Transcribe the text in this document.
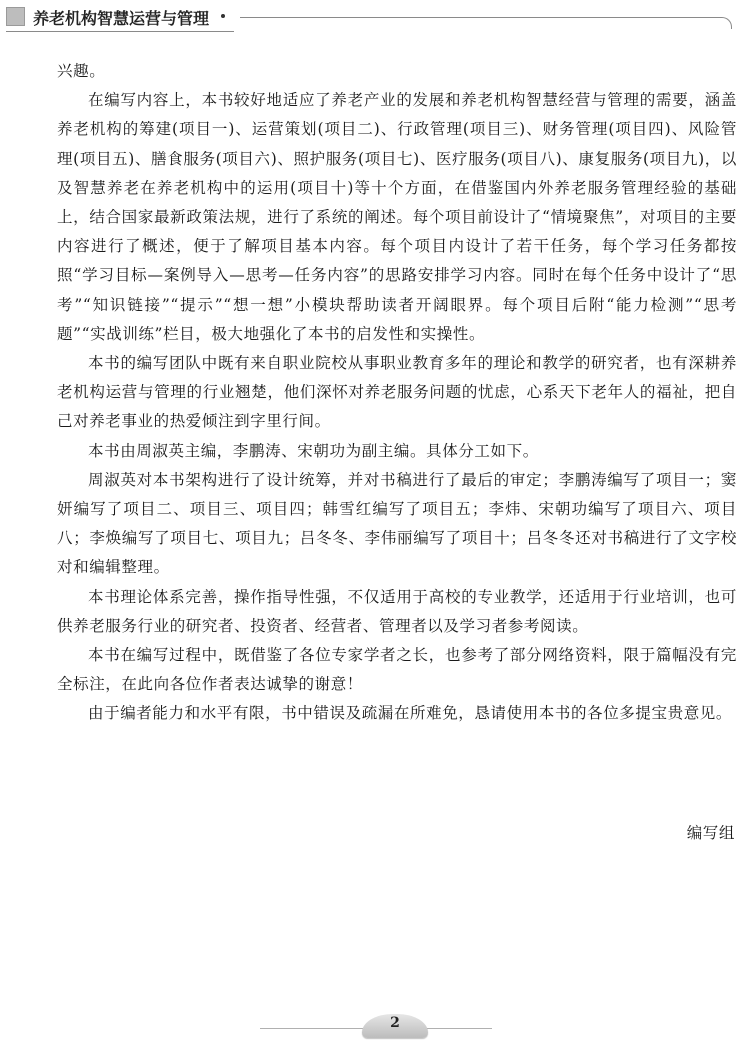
养老机构智慧运营与管理

兴趣。

在编写内容上，本书较好地适应了养老产业的发展和养老机构智慧经营与管理的需要，涵盖养老机构的筹建(项目一)、运营策划(项目二)、行政管理(项目三)、财务管理(项目四)、风险管理(项目五)、膳食服务(项目六)、照护服务(项目七)、医疗服务(项目八)、康复服务(项目九)，以及智慧养老在养老机构中的运用(项目十)等十个方面，在借鉴国内外养老服务管理经验的基础上，结合国家最新政策法规，进行了系统的阐述。每个项目前设计了“情境聚焦”，对项目的主要内容进行了概述，便于了解项目基本内容。每个项目内设计了若干任务，每个学习任务都按照“学习目标—案例导入—思考—任务内容”的思路安排学习内容。同时在每个任务中设计了“思考”“知识链接”“提示”“想一想”小模块帮助读者开阔眼界。每个项目后附“能力检测”“思考题”“实战训练”栏目，极大地强化了本书的启发性和实操性。

本书的编写团队中既有来自职业院校从事职业教育多年的理论和教学的研究者，也有深耕养老机构运营与管理的行业翘楚，他们深怀对养老服务问题的忧虑，心系天下老年人的福祉，把自己对养老事业的热爱倾注到字里行间。

本书由周淑英主编，李鹏涛、宋朝功为副主编。具体分工如下。

周淑英对本书架构进行了设计统筹，并对书稿进行了最后的审定；李鹏涛编写了项目一；窦妍编写了项目二、项目三、项目四；韩雪红编写了项目五；李炜、宋朝功编写了项目六、项目八；李焕编写了项目七、项目九；吕冬冬、李伟丽编写了项目十；吕冬冬还对书稿进行了文字校对和编辑整理。

本书理论体系完善，操作指导性强，不仅适用于高校的专业教学，还适用于行业培训，也可供养老服务行业的研究者、投资者、经营者、管理者以及学习者参考阅读。

本书在编写过程中，既借鉴了各位专家学者之长，也参考了部分网络资料，限于篇幅没有完全标注，在此向各位作者表达诚挚的谢意！

由于编者能力和水平有限，书中错误及疏漏在所难免，恳请使用本书的各位多提宝贵意见。

编写组
2
